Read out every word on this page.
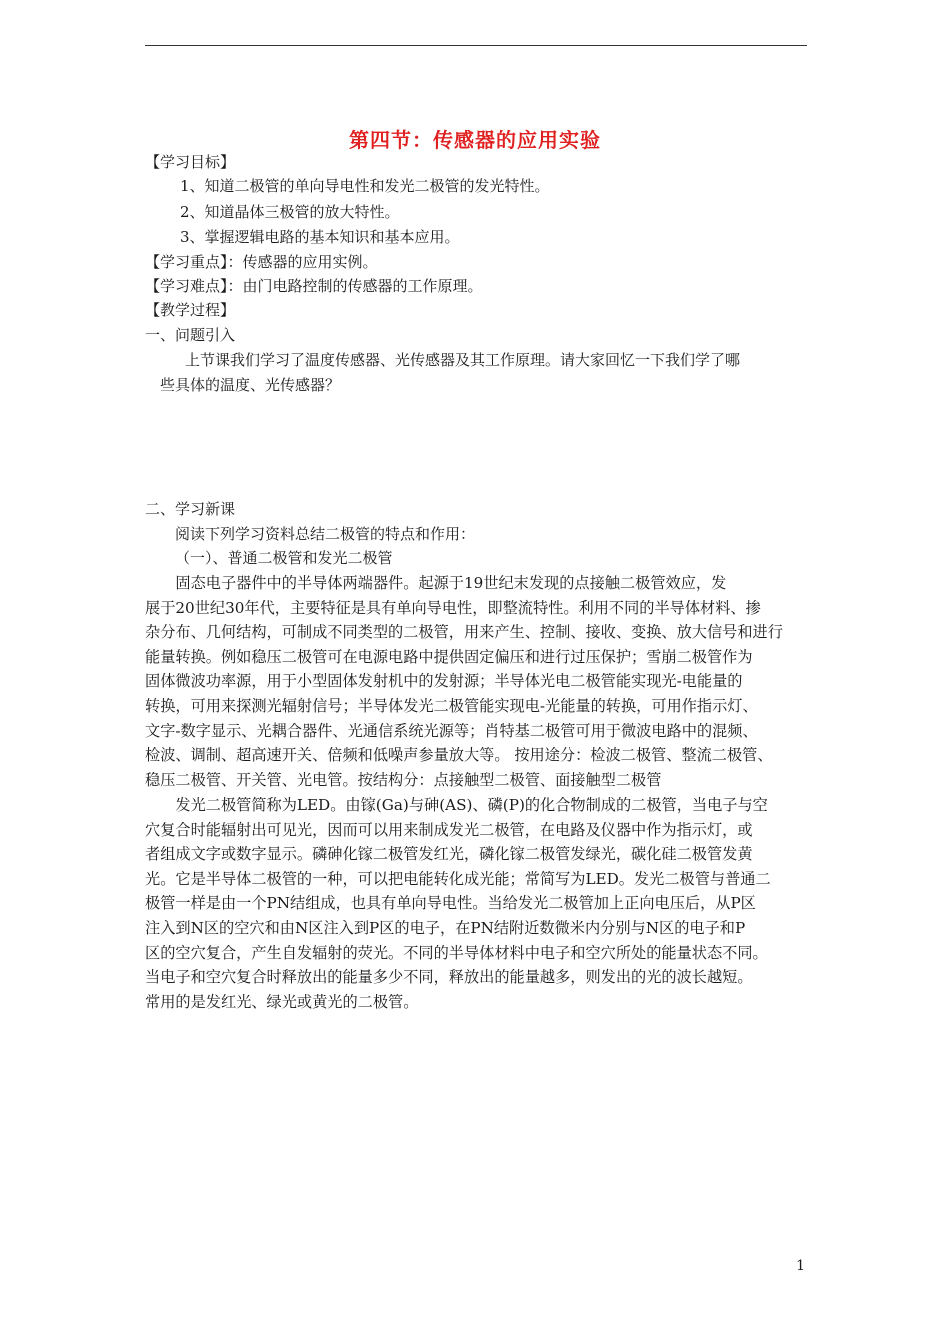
第四节：传感器的应用实验
【学习目标】
1、知道二极管的单向导电性和发光二极管的发光特性。
2、知道晶体三极管的放大特性。
3、掌握逻辑电路的基本知识和基本应用。
【学习重点】：传感器的应用实例。
【学习难点】：由门电路控制的传感器的工作原理。
【教学过程】
一、问题引入
上节课我们学习了温度传感器、光传感器及其工作原理。请大家回忆一下我们学了哪
些具体的温度、光传感器？
二、学习新课
阅读下列学习资料总结二极管的特点和作用：
（一）、普通二极管和发光二极管
　　固态电子器件中的半导体两端器件。起源于19世纪末发现的点接触二极管效应，发
展于20世纪30年代，主要特征是具有单向导电性，即整流特性。利用不同的半导体材料、掺
杂分布、几何结构，可制成不同类型的二极管，用来产生、控制、接收、变换、放大信号和进行
能量转换。例如稳压二极管可在电源电路中提供固定偏压和进行过压保护；雪崩二极管作为
固体微波功率源，用于小型固体发射机中的发射源；半导体光电二极管能实现光-电能量的
转换，可用来探测光辐射信号；半导体发光二极管能实现电-光能量的转换，可用作指示灯、
文字-数字显示、光耦合器件、光通信系统光源等；肖特基二极管可用于微波电路中的混频、
检波、调制、超高速开关、倍频和低噪声参量放大等。 按用途分：检波二极管、整流二极管、
稳压二极管、开关管、光电管。按结构分：点接触型二极管、面接触型二极管
　　发光二极管简称为LED。由镓(Ga)与砷(AS)、磷(P)的化合物制成的二极管，当电子与空
穴复合时能辐射出可见光，因而可以用来制成发光二极管，在电路及仪器中作为指示灯，或
者组成文字或数字显示。磷砷化镓二极管发红光，磷化镓二极管发绿光，碳化硅二极管发黄
光。它是半导体二极管的一种，可以把电能转化成光能；常简写为LED。发光二极管与普通二
极管一样是由一个PN结组成，也具有单向导电性。当给发光二极管加上正向电压后，从P区
注入到N区的空穴和由N区注入到P区的电子，在PN结附近数微米内分别与N区的电子和P
区的空穴复合，产生自发辐射的荧光。不同的半导体材料中电子和空穴所处的能量状态不同。
当电子和空穴复合时释放出的能量多少不同，释放出的能量越多，则发出的光的波长越短。
常用的是发红光、绿光或黄光的二极管。
1
